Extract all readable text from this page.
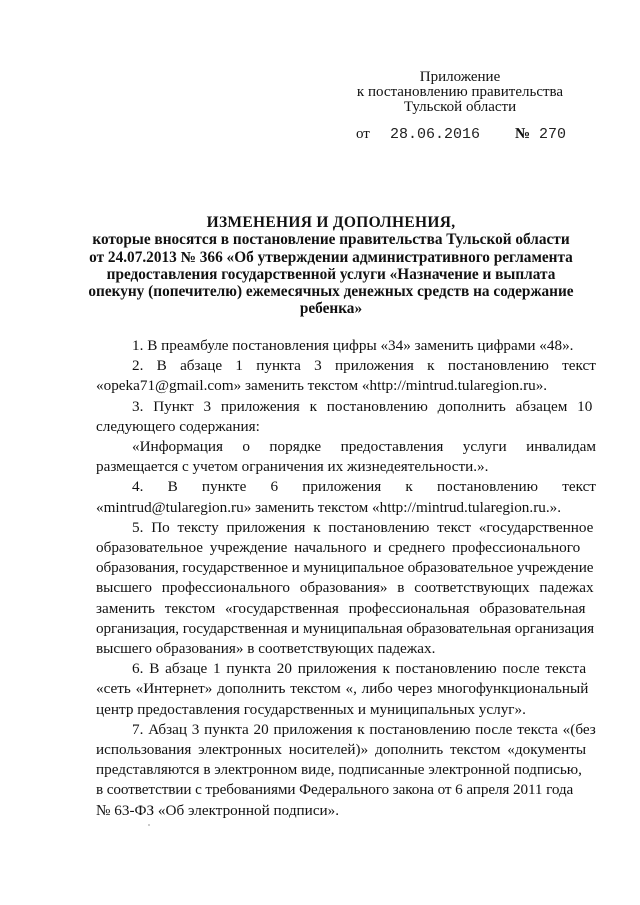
Приложение
к постановлению правительства
Тульской области
от 28.06.2016 № 270
ИЗМЕНЕНИЯ И ДОПОЛНЕНИЯ,
которые вносятся в постановление правительства Тульской области
от 24.07.2013 № 366 «Об утверждении административного регламента
предоставления государственной услуги «Назначение и выплата
опекуну (попечителю) ежемесячных денежных средств на содержание
ребенка»
1. В преамбуле постановления цифры «34» заменить цифрами «48».
2. В абзаце 1 пункта 3 приложения к постановлению текст
«opeka71@gmail.com» заменить текстом «http://mintrud.tularegion.ru».
3. Пункт 3 приложения к постановлению дополнить абзацем 10
следующего содержания:
«Информация о порядке предоставления услуги инвалидам
размещается с учетом ограничения их жизнедеятельности.».
4. В пункте 6 приложения к постановлению текст
«mintrud@tularegion.ru» заменить текстом «http://mintrud.tularegion.ru.».
5. По тексту приложения к постановлению текст «государственное
образовательное учреждение начального и среднего профессионального
образования, государственное и муниципальное образовательное учреждение
высшего профессионального образования» в соответствующих падежах
заменить текстом «государственная профессиональная образовательная
организация, государственная и муниципальная образовательная организация
высшего образования» в соответствующих падежах.
6. В абзаце 1 пункта 20 приложения к постановлению после текста
«сеть «Интернет» дополнить текстом «, либо через многофункциональный
центр предоставления государственных и муниципальных услуг».
7. Абзац 3 пункта 20 приложения к постановлению после текста «(без
использования электронных носителей)» дополнить текстом «документы
представляются в электронном виде, подписанные электронной подписью,
в соответствии с требованиями Федерального закона от 6 апреля 2011 года
№ 63-ФЗ «Об электронной подписи».
